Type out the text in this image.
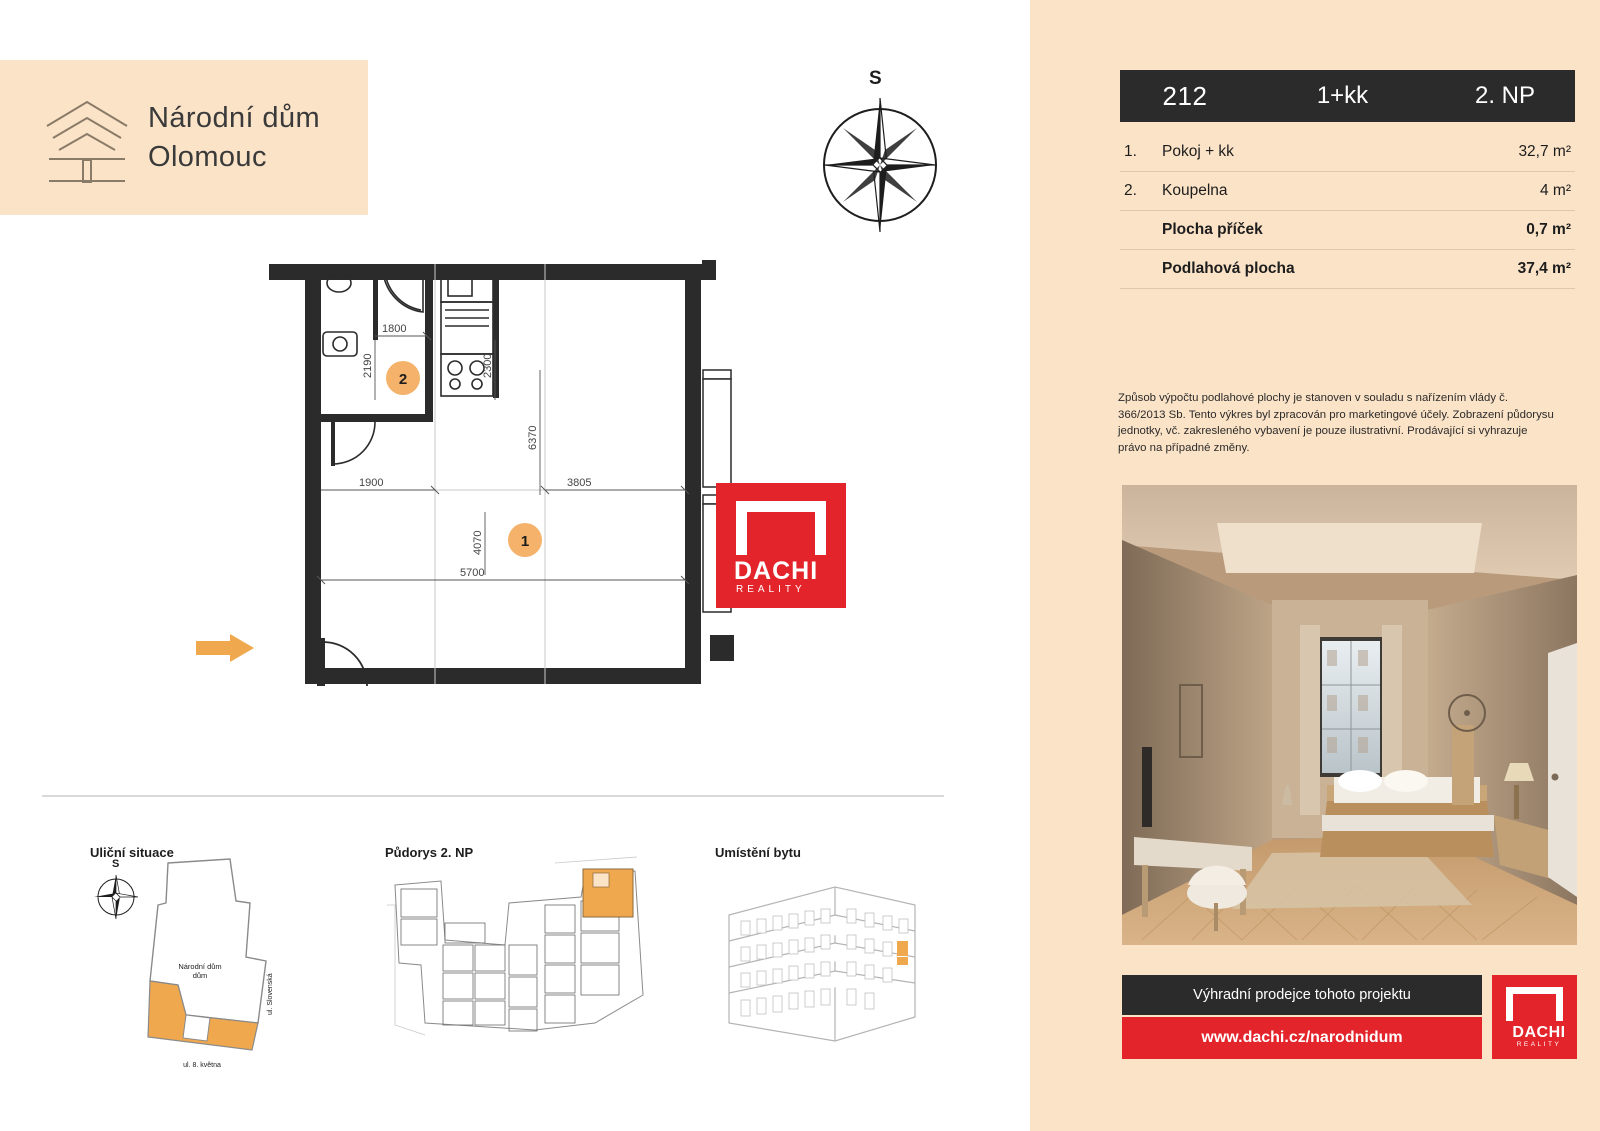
Národní dům
Olomouc
S
1800
2190	2300
6370
1900	3805
4070
5700
2
1
DACHI
REALITY
Uliční situace
S
Národní dům
dům	ul. Slovenská
ul. 8. května
Půdorys 2. NP	Umístění bytu
212	1+kk	2. NP
1.	Pokoj + kk	32,7 m²
2.	Koupelna	4 m²
Plocha příček	0,7 m²
Podlahová plocha	37,4 m²
Způsob výpočtu podlahové plochy je stanoven v souladu s nařízením vlády č. 366/2013 Sb. Tento výkres byl zpracován pro marketingové účely. Zobrazení půdorysu jednotky, vč. zakresleného vybavení je pouze ilustrativní. Prodávající si vyhrazuje právo na případné změny.
Výhradní prodejce tohoto projektu
www.dachi.cz/narodnidum	DACHI
REALITY
